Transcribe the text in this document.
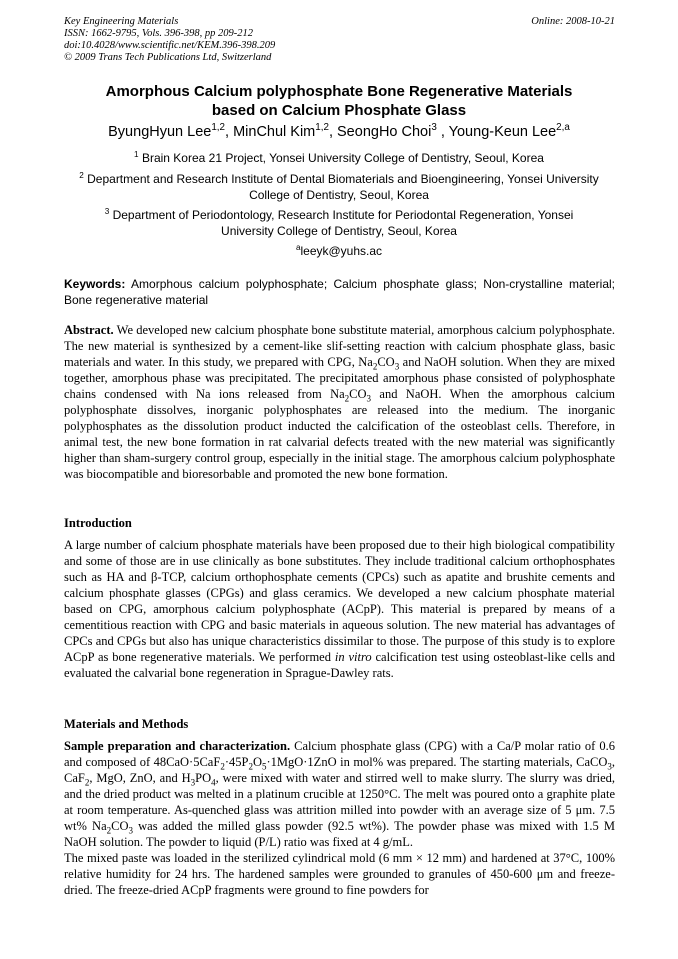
Key Engineering Materials
ISSN: 1662-9795, Vols. 396-398, pp 209-212
doi:10.4028/www.scientific.net/KEM.396-398.209
© 2009 Trans Tech Publications Ltd, Switzerland
Online: 2008-10-21
Amorphous Calcium polyphosphate Bone Regenerative Materials
based on Calcium Phosphate Glass
ByungHyun Lee$^{1,2}$, MinChul Kim$^{1,2}$, SeongHo Choi$^3$ , Young-Keun Lee$^{2,a}$
$^1$ Brain Korea 21 Project, Yonsei University College of Dentistry, Seoul, Korea
$^2$ Department and Research Institute of Dental Biomaterials and Bioengineering, Yonsei University
College of Dentistry, Seoul, Korea
$^3$ Department of Periodontology, Research Institute for Periodontal Regeneration, Yonsei
University College of Dentistry, Seoul, Korea
$^a$leeyk@yuhs.ac
Keywords: Amorphous calcium polyphosphate; Calcium phosphate glass; Non-crystalline material; Bone regenerative material

Abstract. We developed new calcium phosphate bone substitute material, amorphous calcium polyphosphate. The new material is synthesized by a cement-like slif-setting reaction with calcium phosphate glass, basic materials and water. In this study, we prepared with CPG, $Na_2CO_3$ and NaOH solution. When they are mixed together, amorphous phase was precipitated. The precipitated amorphous phase consisted of polyphosphate chains condensed with Na ions released from $Na_2CO_3$ and NaOH. When the amorphous calcium polyphosphate dissolves, inorganic polyphosphates are released into the medium. The inorganic polyphosphates as the dissolution product inducted the calcification of the osteoblast cells. Therefore, in animal test, the new bone formation in rat calvarial defects treated with the new material was significantly higher than sham-surgery control group, especially in the initial stage. The amorphous calcium polyphosphate was biocompatible and bioresorbable and promoted the new bone formation.

Introduction

A large number of calcium phosphate materials have been proposed due to their high biological compatibility and some of those are in use clinically as bone substitutes. They include traditional calcium orthophosphates such as HA and β-TCP, calcium orthophosphate cements (CPCs) such as apatite and brushite cements and calcium phosphate glasses (CPGs) and glass ceramics. We developed a new calcium phosphate material based on CPG, amorphous calcium polyphosphate (ACpP). This material is prepared by means of a cementitious reaction with CPG and basic materials in aqueous solution. The new material has advantages of CPCs and CPGs but also has unique characteristics dissimilar to those. The purpose of this study is to explore ACpP as bone regenerative materials. We performed in vitro calcification test using osteoblast-like cells and evaluated the calvarial bone regeneration in Sprague-Dawley rats.

Materials and Methods

Sample preparation and characterization. Calcium phosphate glass (CPG) with a Ca/P molar ratio of 0.6 and composed of $48CaO\cdot 5CaF_2\cdot 45P_2O_5\cdot 1MgO\cdot 1ZnO$ in mol% was prepared. The starting materials, CaCO$_3$, CaF$_2$, MgO, ZnO, and $H_3PO_4$, were mixed with water and stirred well to make slurry. The slurry was dried, and the dried product was melted in a platinum crucible at 1250°C. The melt was poured onto a graphite plate at room temperature. As-quenched glass was attrition milled into powder with an average size of 5 μm. 7.5 wt% $Na_2CO_3$ was added the milled glass powder (92.5 wt%). The powder phase was mixed with 1.5 M NaOH solution. The powder to liquid (P/L) ratio was fixed at 4 g/mL.

The mixed paste was loaded in the sterilized cylindrical mold (6 mm × 12 mm) and hardened at 37°C, 100% relative humidity for 24 hrs. The hardened samples were grounded to granules of 450-600 μm and freeze-dried. The freeze-dried ACpP fragments were ground to fine powders for
